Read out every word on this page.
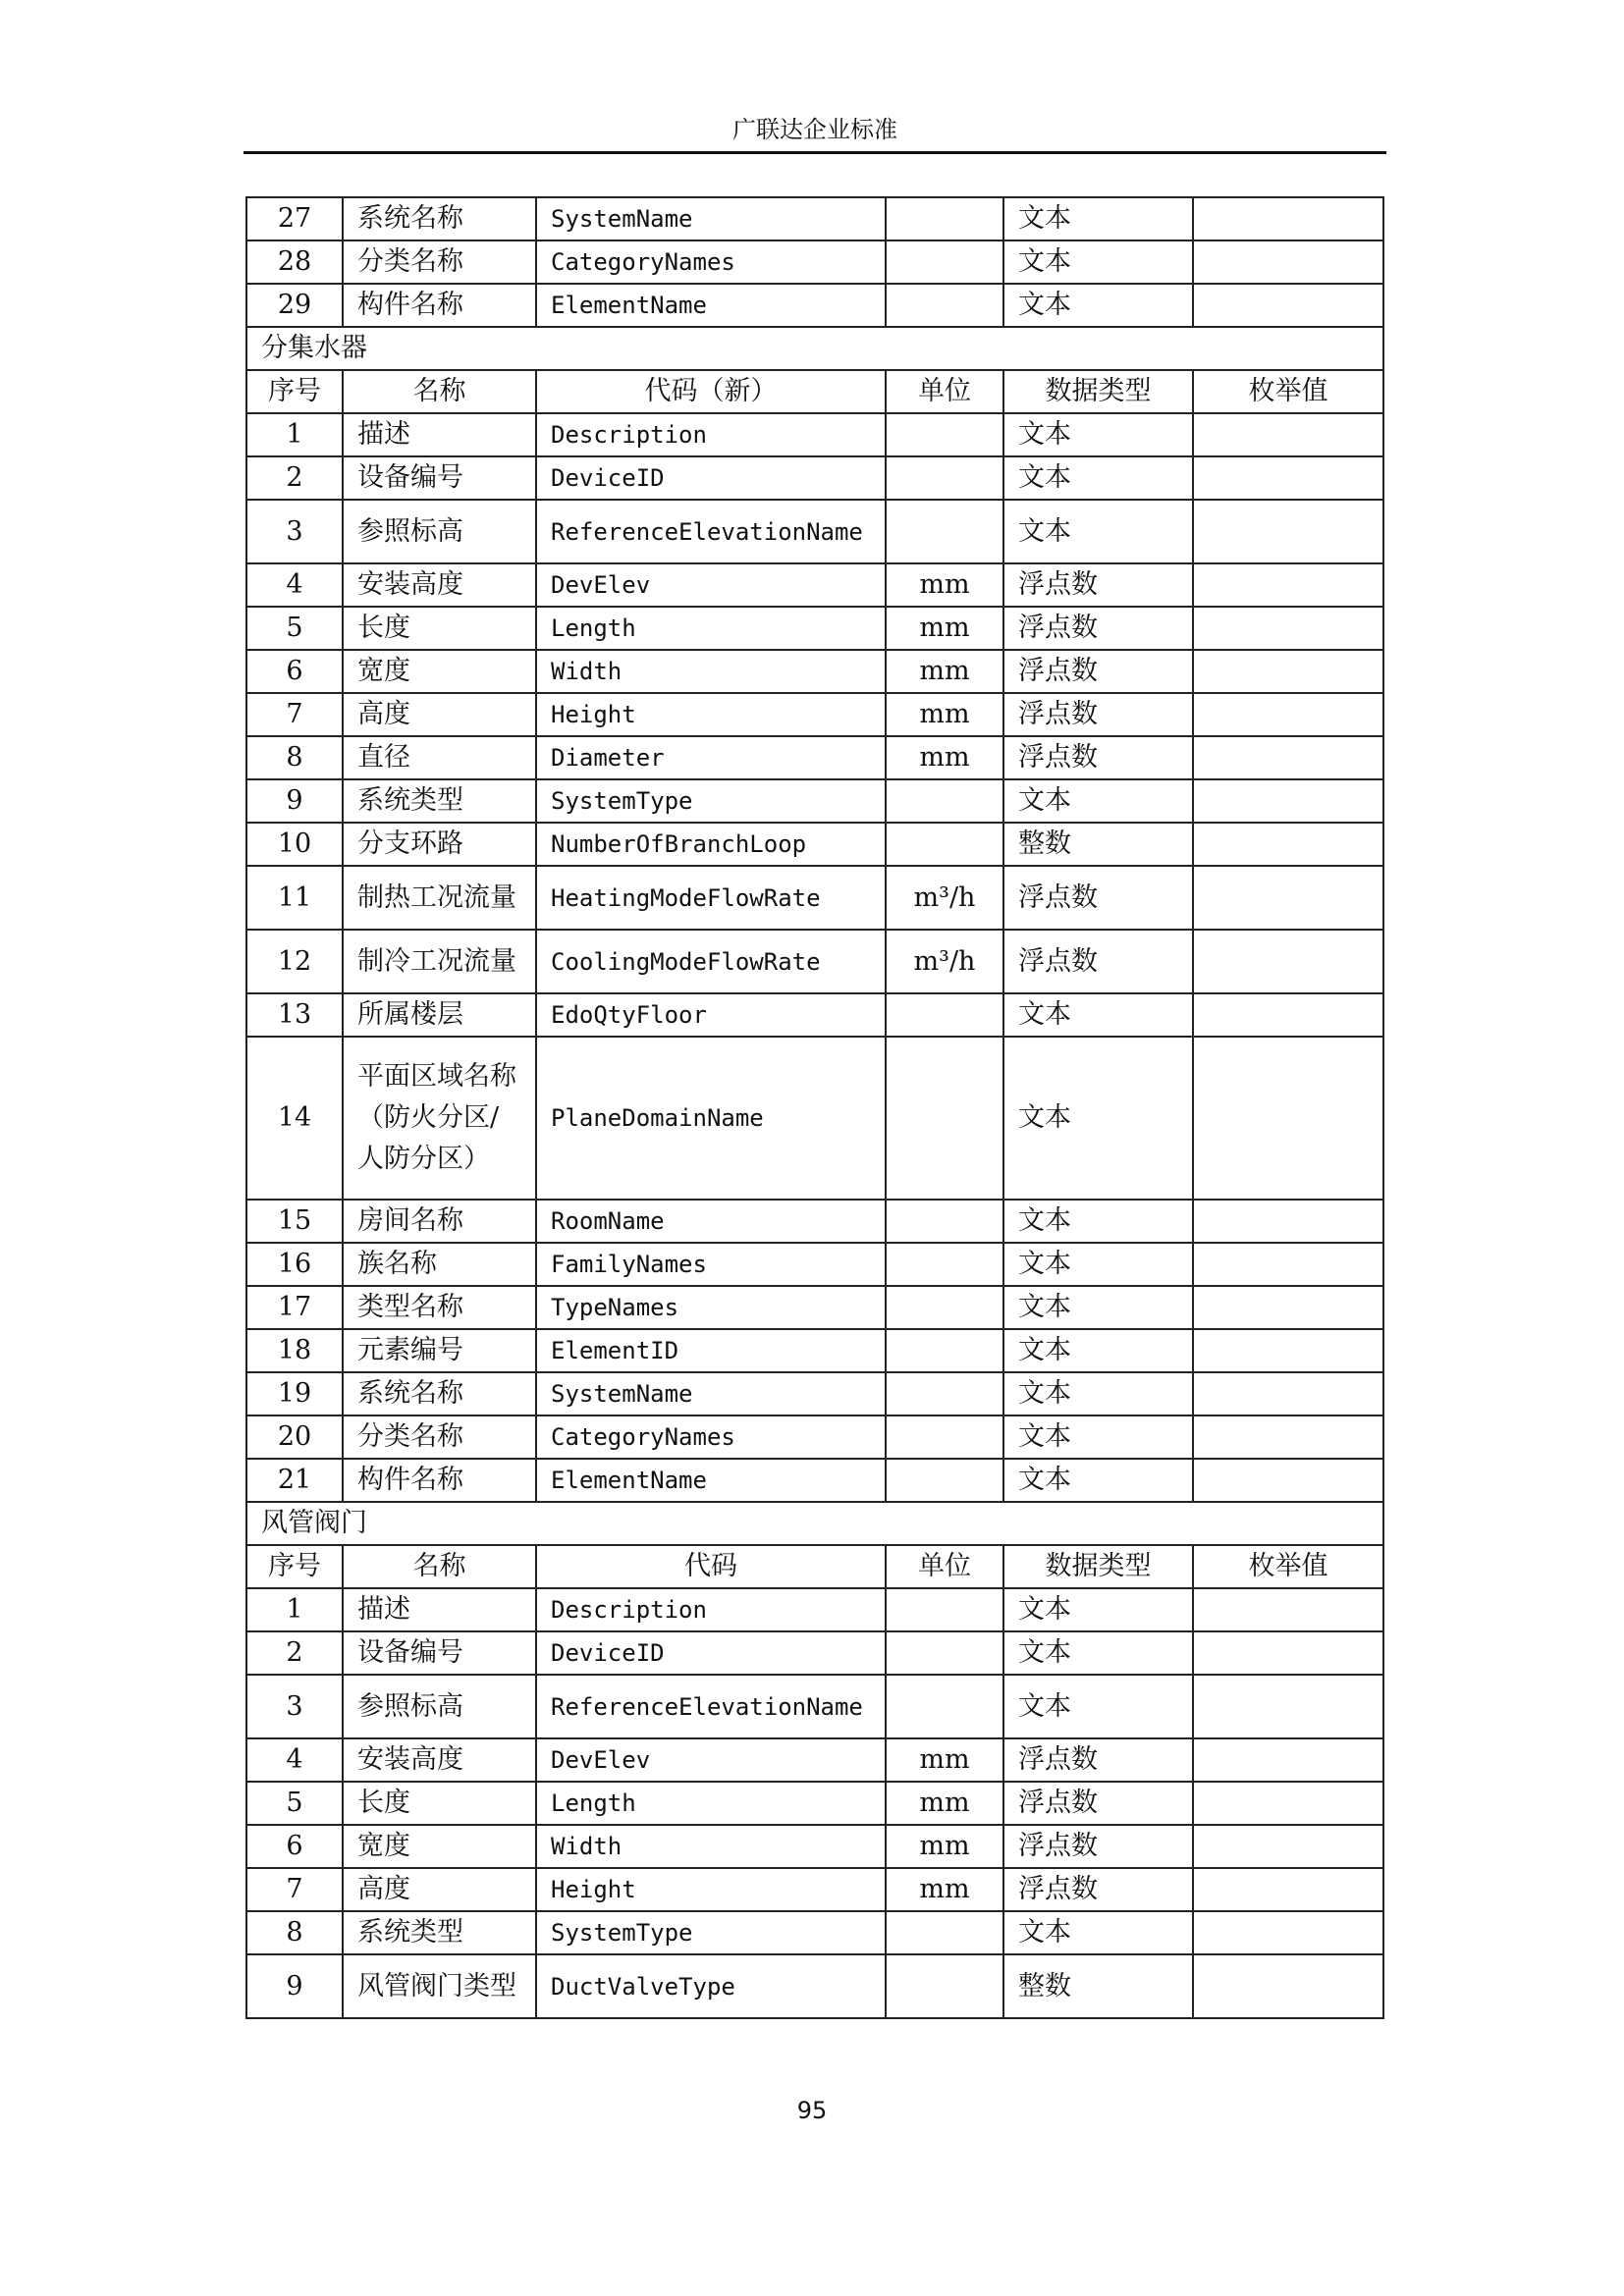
广联达企业标准
27	系统名称	SystemName		文本	
28	分类名称	CategoryNames		文本	
29	构件名称	ElementName		文本	
分集水器					
序号	名称	代码（新）	单位	数据类型	枚举值
1	描述	Description		文本	
2	设备编号	DeviceID		文本	
3	参照标高	ReferenceElevationName		文本	
4	安装高度	DevElev	mm	浮点数	
5	长度	Length	mm	浮点数	
6	宽度	Width	mm	浮点数	
7	高度	Height	mm	浮点数	
8	直径	Diameter	mm	浮点数	
9	系统类型	SystemType		文本	
10	分支环路	NumberOfBranchLoop		整数	
11	制热工况流量	HeatingModeFlowRate	m³/h	浮点数	
12	制冷工况流量	CoolingModeFlowRate	m³/h	浮点数	
13	所属楼层	EdoQtyFloor		文本	
14	平面区域名称（防火分区/人防分区）	PlaneDomainName		文本	
15	房间名称	RoomName		文本	
16	族名称	FamilyNames		文本	
17	类型名称	TypeNames		文本	
18	元素编号	ElementID		文本	
19	系统名称	SystemName		文本	
20	分类名称	CategoryNames		文本	
21	构件名称	ElementName		文本	
风管阀门					
序号	名称	代码	单位	数据类型	枚举值
1	描述	Description		文本	
2	设备编号	DeviceID		文本	
3	参照标高	ReferenceElevationName		文本	
4	安装高度	DevElev	mm	浮点数	
5	长度	Length	mm	浮点数	
6	宽度	Width	mm	浮点数	
7	高度	Height	mm	浮点数	
8	系统类型	SystemType		文本	
9	风管阀门类型	DuctValveType		整数	
95
